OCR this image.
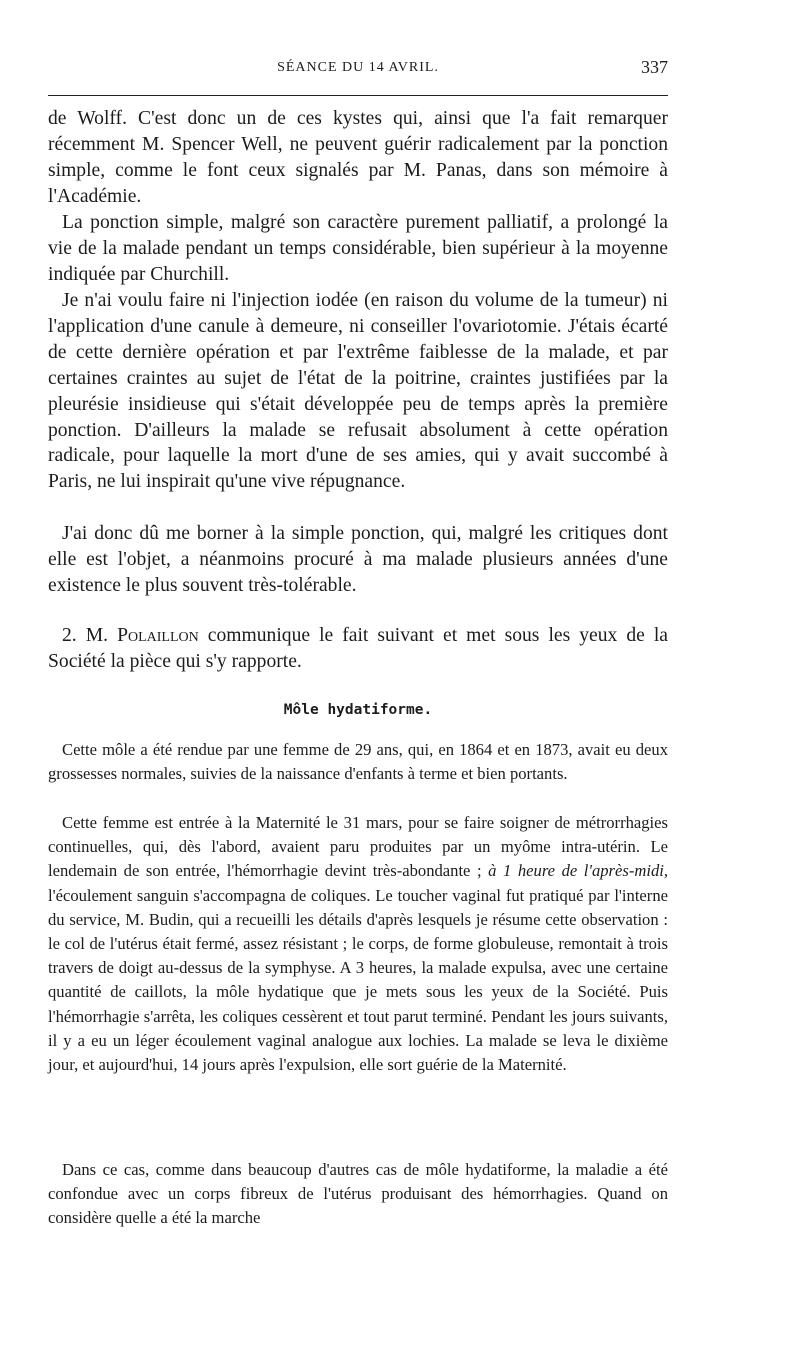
SÉANCE DU 14 AVRIL.	337

de Wolff. C'est donc un de ces kystes qui, ainsi que l'a fait remarquer récemment M. Spencer Well, ne peuvent guérir radicalement par la ponction simple, comme le font ceux signalés par M. Panas, dans son mémoire à l'Académie.

La ponction simple, malgré son caractère purement palliatif, a prolongé la vie de la malade pendant un temps considérable, bien supérieur à la moyenne indiquée par Churchill.

Je n'ai voulu faire ni l'injection iodée (en raison du volume de la tumeur) ni l'application d'une canule à demeure, ni conseiller l'ovariotomie. J'étais écarté de cette dernière opération et par l'extrême faiblesse de la malade, et par certaines craintes au sujet de l'état de la poitrine, craintes justifiées par la pleurésie insidieuse qui s'était développée peu de temps après la première ponction. D'ailleurs la malade se refusait absolument à cette opération radicale, pour laquelle la mort d'une de ses amies, qui y avait succombé à Paris, ne lui inspirait qu'une vive répugnance.

J'ai donc dû me borner à la simple ponction, qui, malgré les critiques dont elle est l'objet, a néanmoins procuré à ma malade plusieurs années d'une existence le plus souvent très-tolérable.

2. M. Polaillon communique le fait suivant et met sous les yeux de la Société la pièce qui s'y rapporte.

Môle hydatiforme.

Cette môle a été rendue par une femme de 29 ans, qui, en 1864 et en 1873, avait eu deux grossesses normales, suivies de la naissance d'enfants à terme et bien portants.

Cette femme est entrée à la Maternité le 31 mars, pour se faire soigner de métrorrhagies continuelles, qui, dès l'abord, avaient paru produites par un myôme intra-utérin. Le lendemain de son entrée, l'hémorrhagie devint très-abondante ; à 1 heure de l'après-midi, l'écoulement sanguin s'accompagna de coliques. Le toucher vaginal fut pratiqué par l'interne du service, M. Budin, qui a recueilli les détails d'après lesquels je résume cette observation : le col de l'utérus était fermé, assez résistant ; le corps, de forme globuleuse, remontait à trois travers de doigt au-dessus de la symphyse. A 3 heures, la malade expulsa, avec une certaine quantité de caillots, la môle hydatique que je mets sous les yeux de la Société. Puis l'hémorrhagie s'arrêta, les coliques cessèrent et tout parut terminé. Pendant les jours suivants, il y a eu un léger écoulement vaginal analogue aux lochies. La malade se leva le dixième jour, et aujourd'hui, 14 jours après l'expulsion, elle sort guérie de la Maternité.

Dans ce cas, comme dans beaucoup d'autres cas de môle hydatiforme, la maladie a été confondue avec un corps fibreux de l'utérus produisant des hémorrhagies. Quand on considère quelle a été la marche
